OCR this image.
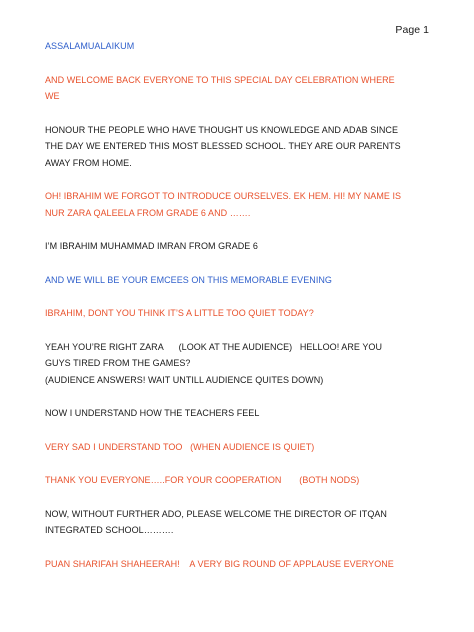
Page 1
ASSALAMUALAIKUM
AND WELCOME BACK EVERYONE TO THIS SPECIAL DAY CELEBRATION WHERE
WE
HONOUR THE PEOPLE WHO HAVE THOUGHT US KNOWLEDGE AND ADAB SINCE
THE DAY WE ENTERED THIS MOST BLESSED SCHOOL. THEY ARE OUR PARENTS
AWAY FROM HOME.
OH! IBRAHIM WE FORGOT TO INTRODUCE OURSELVES. EK HEM. HI! MY NAME IS
NUR ZARA QALEELA FROM GRADE 6 AND …….
I’M IBRAHIM MUHAMMAD IMRAN FROM GRADE 6
AND WE WILL BE YOUR EMCEES ON THIS MEMORABLE EVENING
IBRAHIM, DONT YOU THINK IT’S A LITTLE TOO QUIET TODAY?
YEAH YOU’RE RIGHT ZARA      (LOOK AT THE AUDIENCE)   HELLOO! ARE YOU
GUYS TIRED FROM THE GAMES?
(AUDIENCE ANSWERS! WAIT UNTILL AUDIENCE QUITES DOWN)
NOW I UNDERSTAND HOW THE TEACHERS FEEL
VERY SAD I UNDERSTAND TOO   (WHEN AUDIENCE IS QUIET)
THANK YOU EVERYONE…..FOR YOUR COOPERATION       (BOTH NODS)
NOW, WITHOUT FURTHER ADO, PLEASE WELCOME THE DIRECTOR OF ITQAN
INTEGRATED SCHOOL……….
PUAN SHARIFAH SHAHEERAH!    A VERY BIG ROUND OF APPLAUSE EVERYONE
